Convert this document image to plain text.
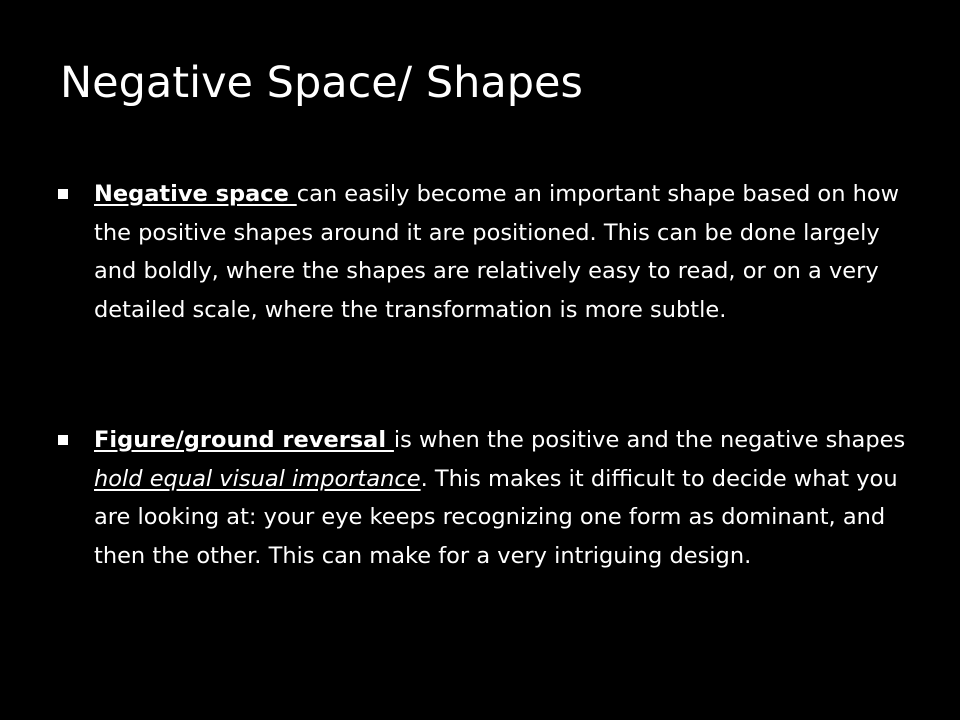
Negative Space/ Shapes
Negative space can easily become an important shape based on how the positive shapes around it are positioned. This can be done largely and boldly, where the shapes are relatively easy to read, or on a very detailed scale, where the transformation is more subtle.
Figure/ground reversal is when the positive and the negative shapes hold equal visual importance. This makes it difficult to decide what you are looking at: your eye keeps recognizing one form as dominant, and then the other. This can make for a very intriguing design.
